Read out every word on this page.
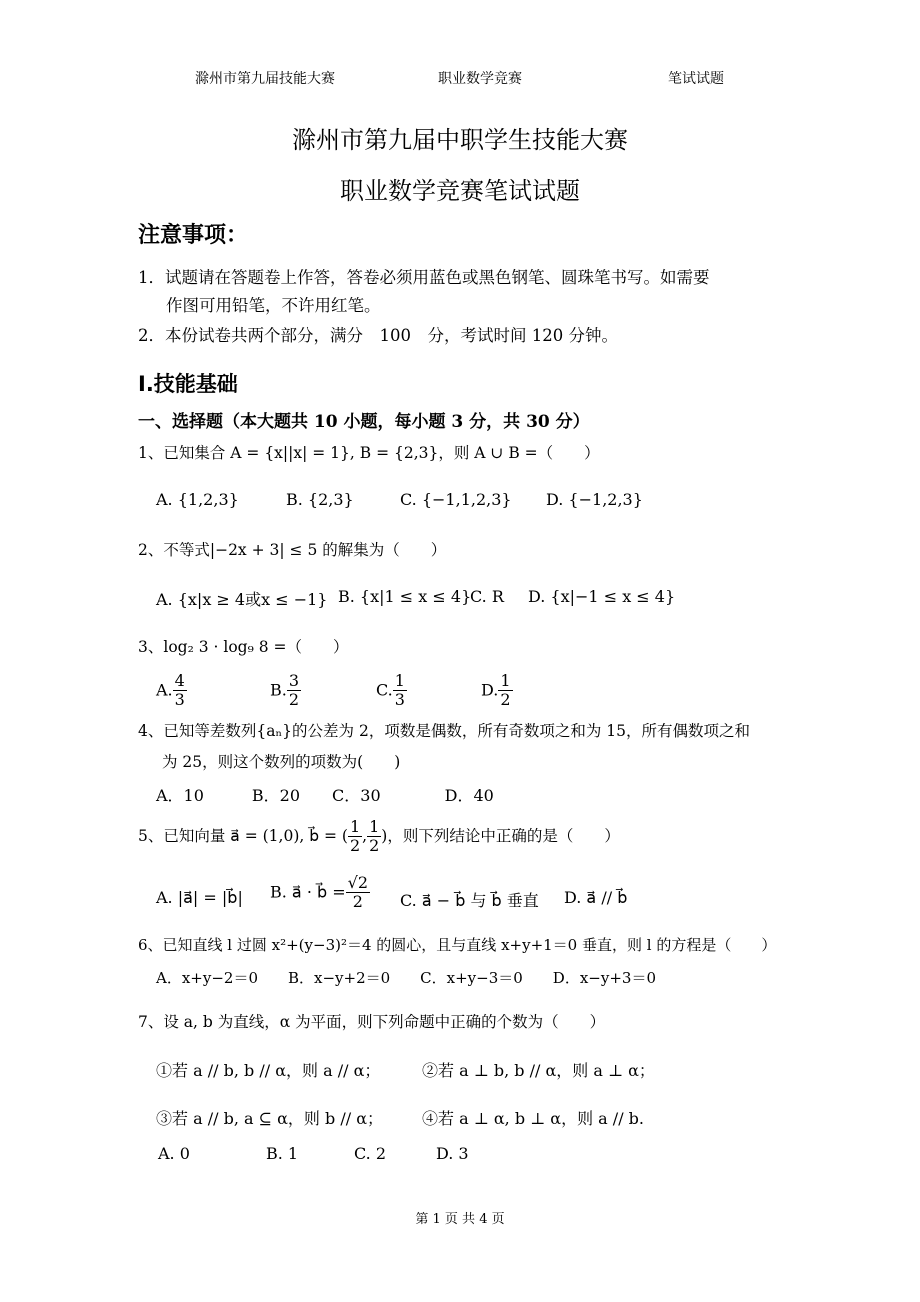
滁州市第九届技能大赛	职业数学竞赛	笔试试题
滁州市第九届中职学生技能大赛
职业数学竞赛笔试试题
注意事项：
1．试题请在答题卷上作答，答卷必须用蓝色或黑色钢笔、圆珠笔书写。如需要
作图可用铅笔，不许用红笔。
2．本份试卷共两个部分，满分　100　分，考试时间 120 分钟。
Ⅰ.技能基础
一、选择题（本大题共 10 小题，每小题 3 分，共 30 分）
1、已知集合 A = {x||x| = 1}, B = {2,3}，则 A ∪ B =（　　）
A. {1,2,3}	B. {2,3}	C. {−1,1,2,3} D. {−1,2,3}
2、不等式|−2x + 3| ≤ 5 的解集为（　　）
A. {x|x ≥ 4或x ≤ −1} B. {x|1 ≤ x ≤ 4}
C. R D. {x|−1 ≤ x ≤ 4}
3、log₂ 3 · log₉ 8 =（　　）
A. $\frac{4}{3}$	B. $\frac{3}{2}$	C. $\frac{1}{3}$	D. $\frac{1}{2}$
4、已知等差数列{aₙ}的公差为 2，项数是偶数，所有奇数项之和为 15，所有偶数项之和
为 25，则这个数列的项数为(　　)
A．10　　　B．20　　C．30　　　　D．40
5、已知向量 a⃗ = (1,0), b⃗ = ( $\frac{1}{2}$ , $\frac{1}{2}$ )，则下列结论中正确的是（　　）
A. |a⃗| = |b⃗| B. a⃗ · b⃗ = $\frac{√2}{2} C$. a⃗ − b⃗ 与 b⃗ 垂直 D. a⃗ // b⃗
6、已知直线 l 过圆 x²+(y−3)²＝4 的圆心，且与直线 x+y+1＝0 垂直，则 l 的方程是（　　）
A．x+y−2＝0　　B．x−y+2＝0　　C．x+y−3＝0　　D．x−y+3＝0
7、设 a, b 为直线，α 为平面，则下列命题中正确的个数为（　　）
①若 a // b, b // α，则 a // α；	②若 a ⊥ b, b // α，则 a ⊥ α；
③若 a // b, a ⊆ α，则 b // α； ④若 a ⊥ α, b ⊥ α，则 a // b.
A. 0	B. 1	C. 2	D. 3
第 1 页 共 4 页
